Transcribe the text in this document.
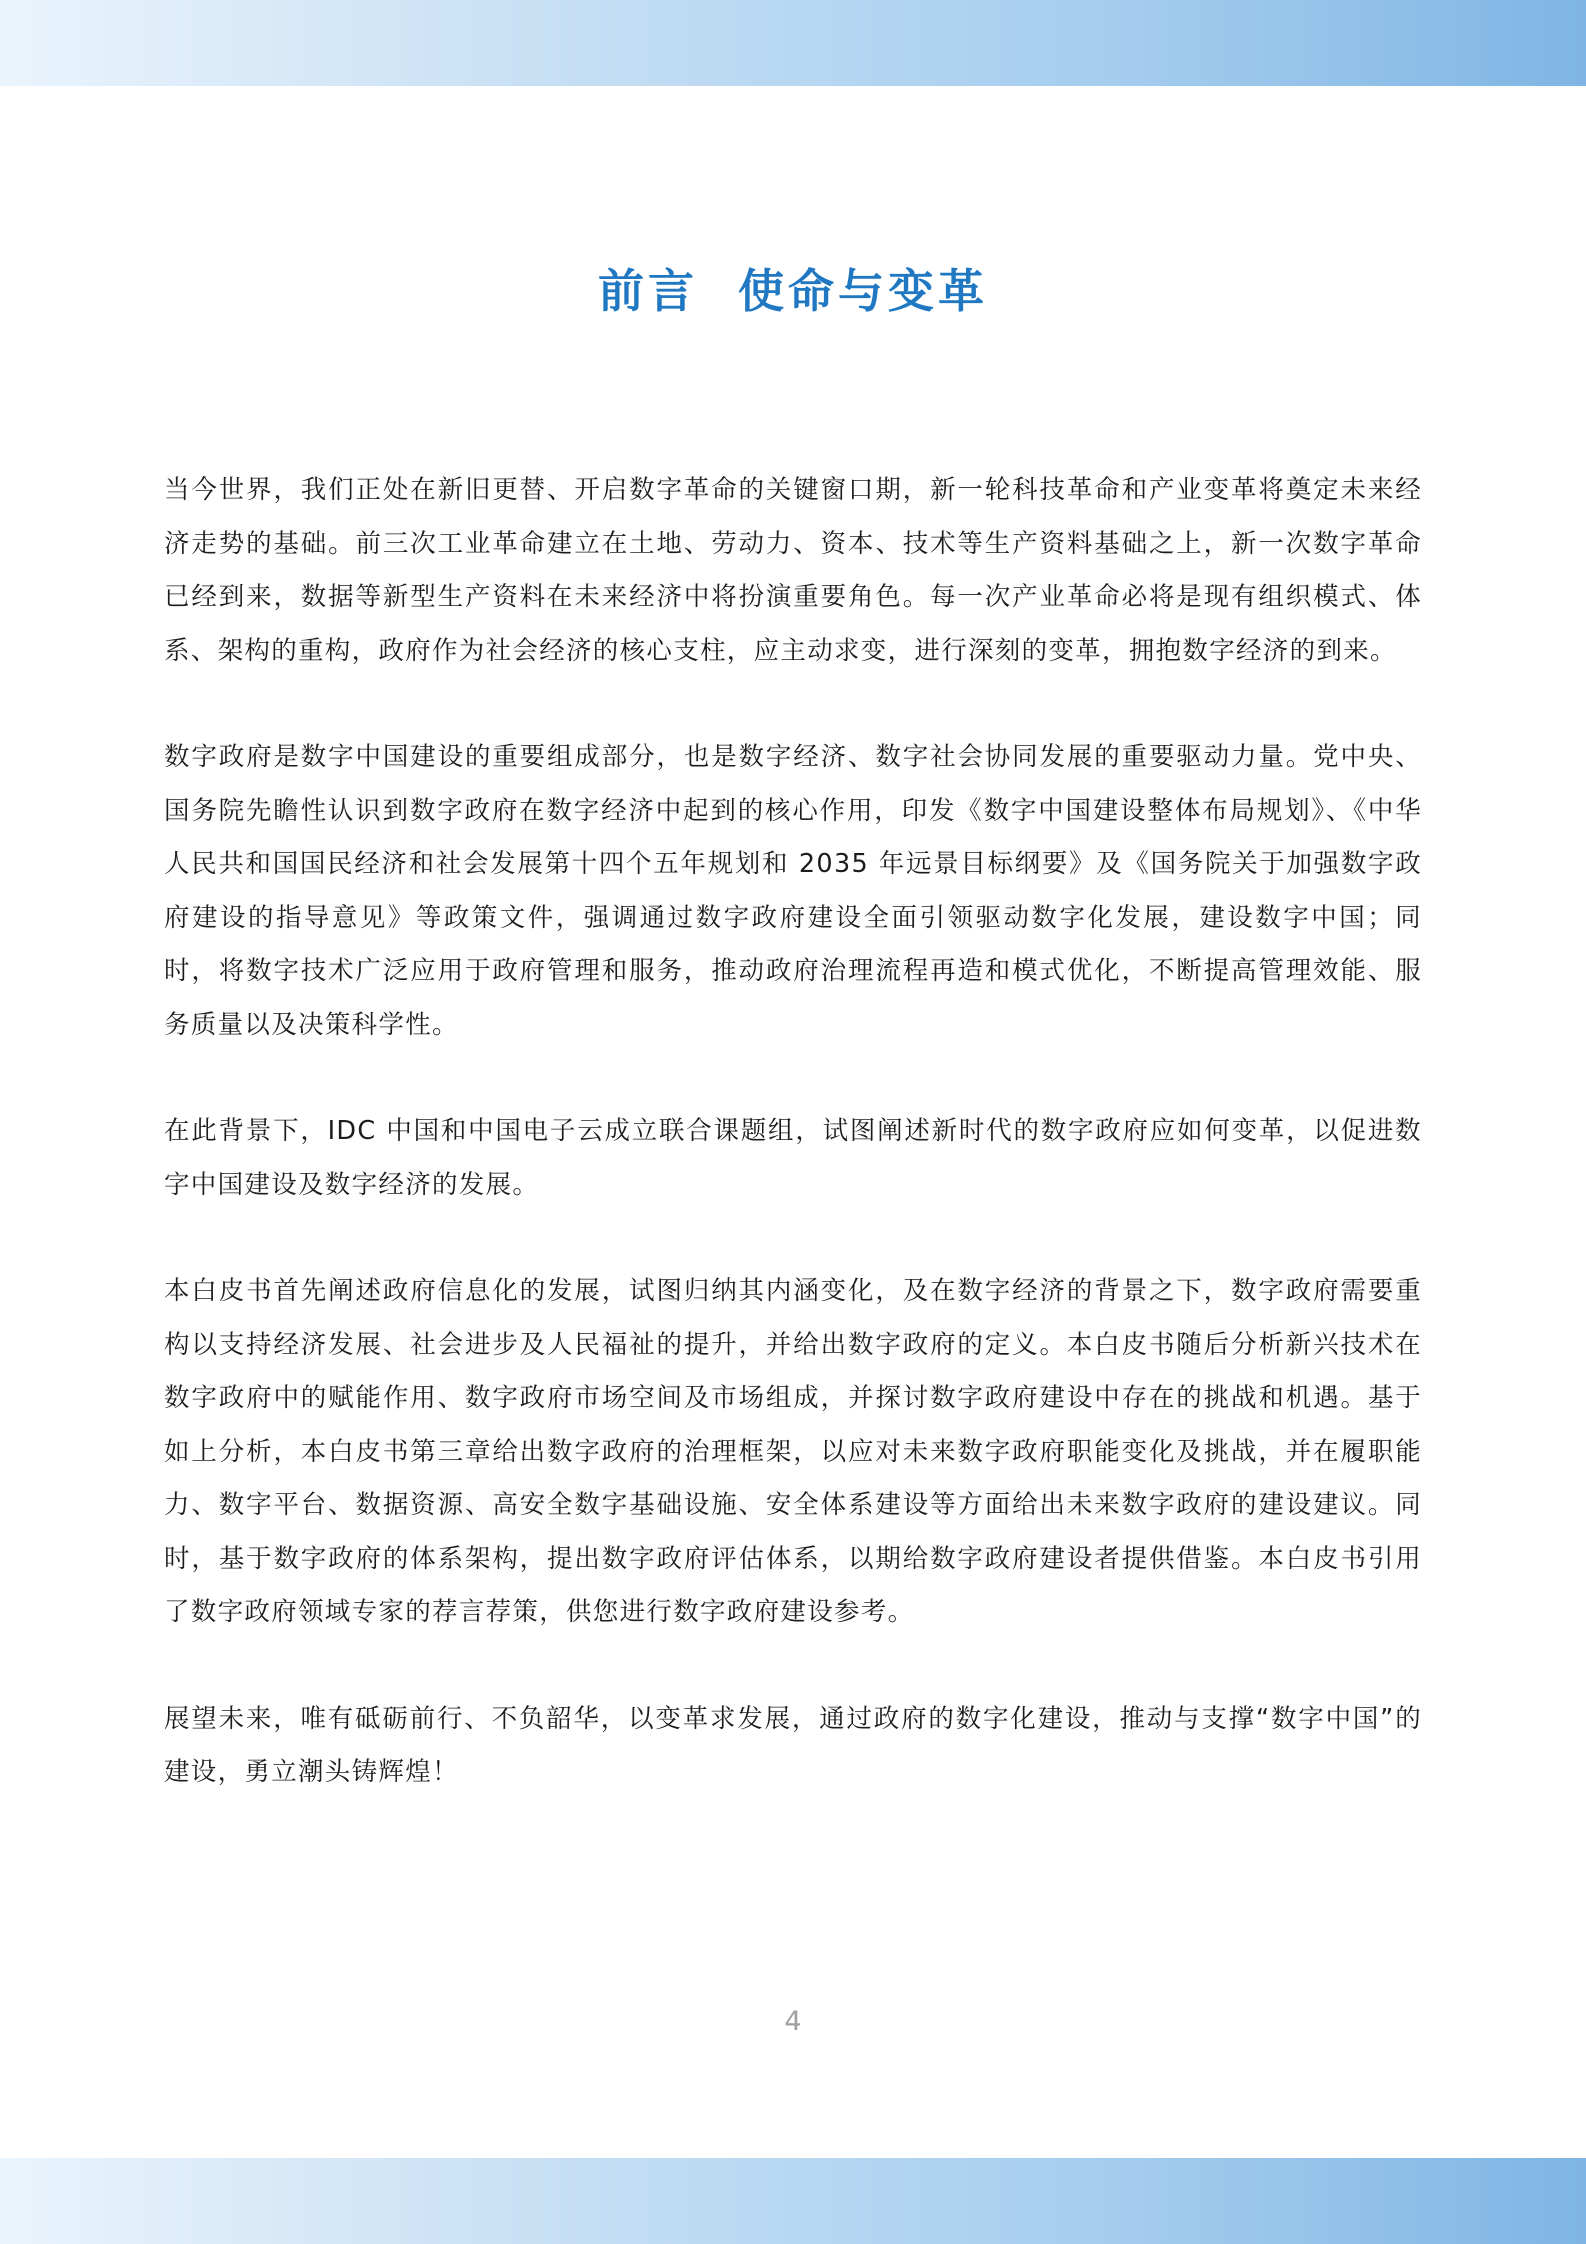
前言  使命与变革

当今世界，我们正处在新旧更替、开启数字革命的关键窗口期，新一轮科技革命和产业变革将奠定未来经济走势的基础。前三次工业革命建立在土地、劳动力、资本、技术等生产资料基础之上，新一次数字革命已经到来，数据等新型生产资料在未来经济中将扮演重要角色。每一次产业革命必将是现有组织模式、体系、架构的重构，政府作为社会经济的核心支柱，应主动求变，进行深刻的变革，拥抱数字经济的到来。

数字政府是数字中国建设的重要组成部分，也是数字经济、数字社会协同发展的重要驱动力量。党中央、国务院先瞻性认识到数字政府在数字经济中起到的核心作用，印发《数字中国建设整体布局规划》、《中华人民共和国国民经济和社会发展第十四个五年规划和 2035 年远景目标纲要》及《国务院关于加强数字政府建设的指导意见》等政策文件，强调通过数字政府建设全面引领驱动数字化发展，建设数字中国；同时，将数字技术广泛应用于政府管理和服务，推动政府治理流程再造和模式优化，不断提高管理效能、服务质量以及决策科学性。

在此背景下，IDC 中国和中国电子云成立联合课题组，试图阐述新时代的数字政府应如何变革，以促进数字中国建设及数字经济的发展。

本白皮书首先阐述政府信息化的发展，试图归纳其内涵变化，及在数字经济的背景之下，数字政府需要重构以支持经济发展、社会进步及人民福祉的提升，并给出数字政府的定义。本白皮书随后分析新兴技术在数字政府中的赋能作用、数字政府市场空间及市场组成，并探讨数字政府建设中存在的挑战和机遇。基于如上分析，本白皮书第三章给出数字政府的治理框架，以应对未来数字政府职能变化及挑战，并在履职能力、数字平台、数据资源、高安全数字基础设施、安全体系建设等方面给出未来数字政府的建设建议。同时，基于数字政府的体系架构，提出数字政府评估体系，以期给数字政府建设者提供借鉴。本白皮书引用了数字政府领域专家的荐言荐策，供您进行数字政府建设参考。

展望未来，唯有砥砺前行、不负韶华，以变革求发展，通过政府的数字化建设，推动与支撑“数字中国”的建设，勇立潮头铸辉煌！

4
